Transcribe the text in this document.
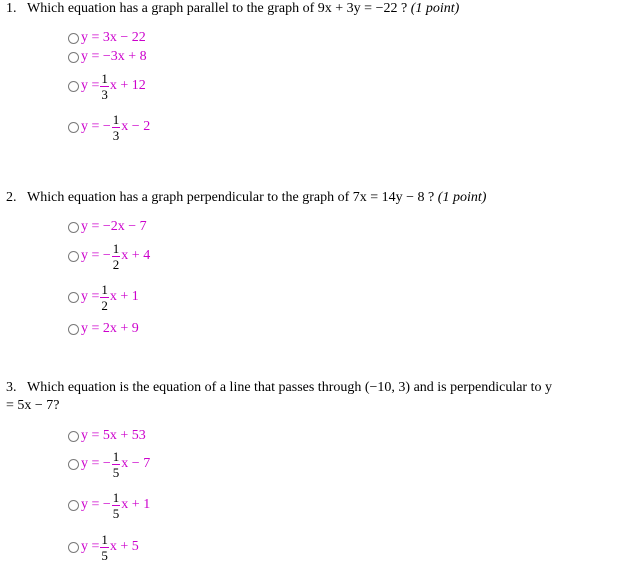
1. Which equation has a graph parallel to the graph of 9x + 3y = −22 ? (1 point)
y = 3x − 22
y = −3x + 8
$y = \frac{1}{3}$ x + 12
y = − $\frac{1}{3}$ x − 2
2. Which equation has a graph perpendicular to the graph of 7x = 14y − 8 ? (1 point)
y = −2x − 7
y = − $\frac{1}{2}$ x + 4
$y = \frac{1}{2}$ x + 1
y = 2x + 9
3. Which equation is the equation of a line that passes through (−10, 3) and is perpendicular to y
= 5x − 7?
y = 5x + 53
y = − $\frac{1}{5}$ x − 7
y = − $\frac{1}{5}$ x + 1
$y = \frac{1}{5}$ x + 5
